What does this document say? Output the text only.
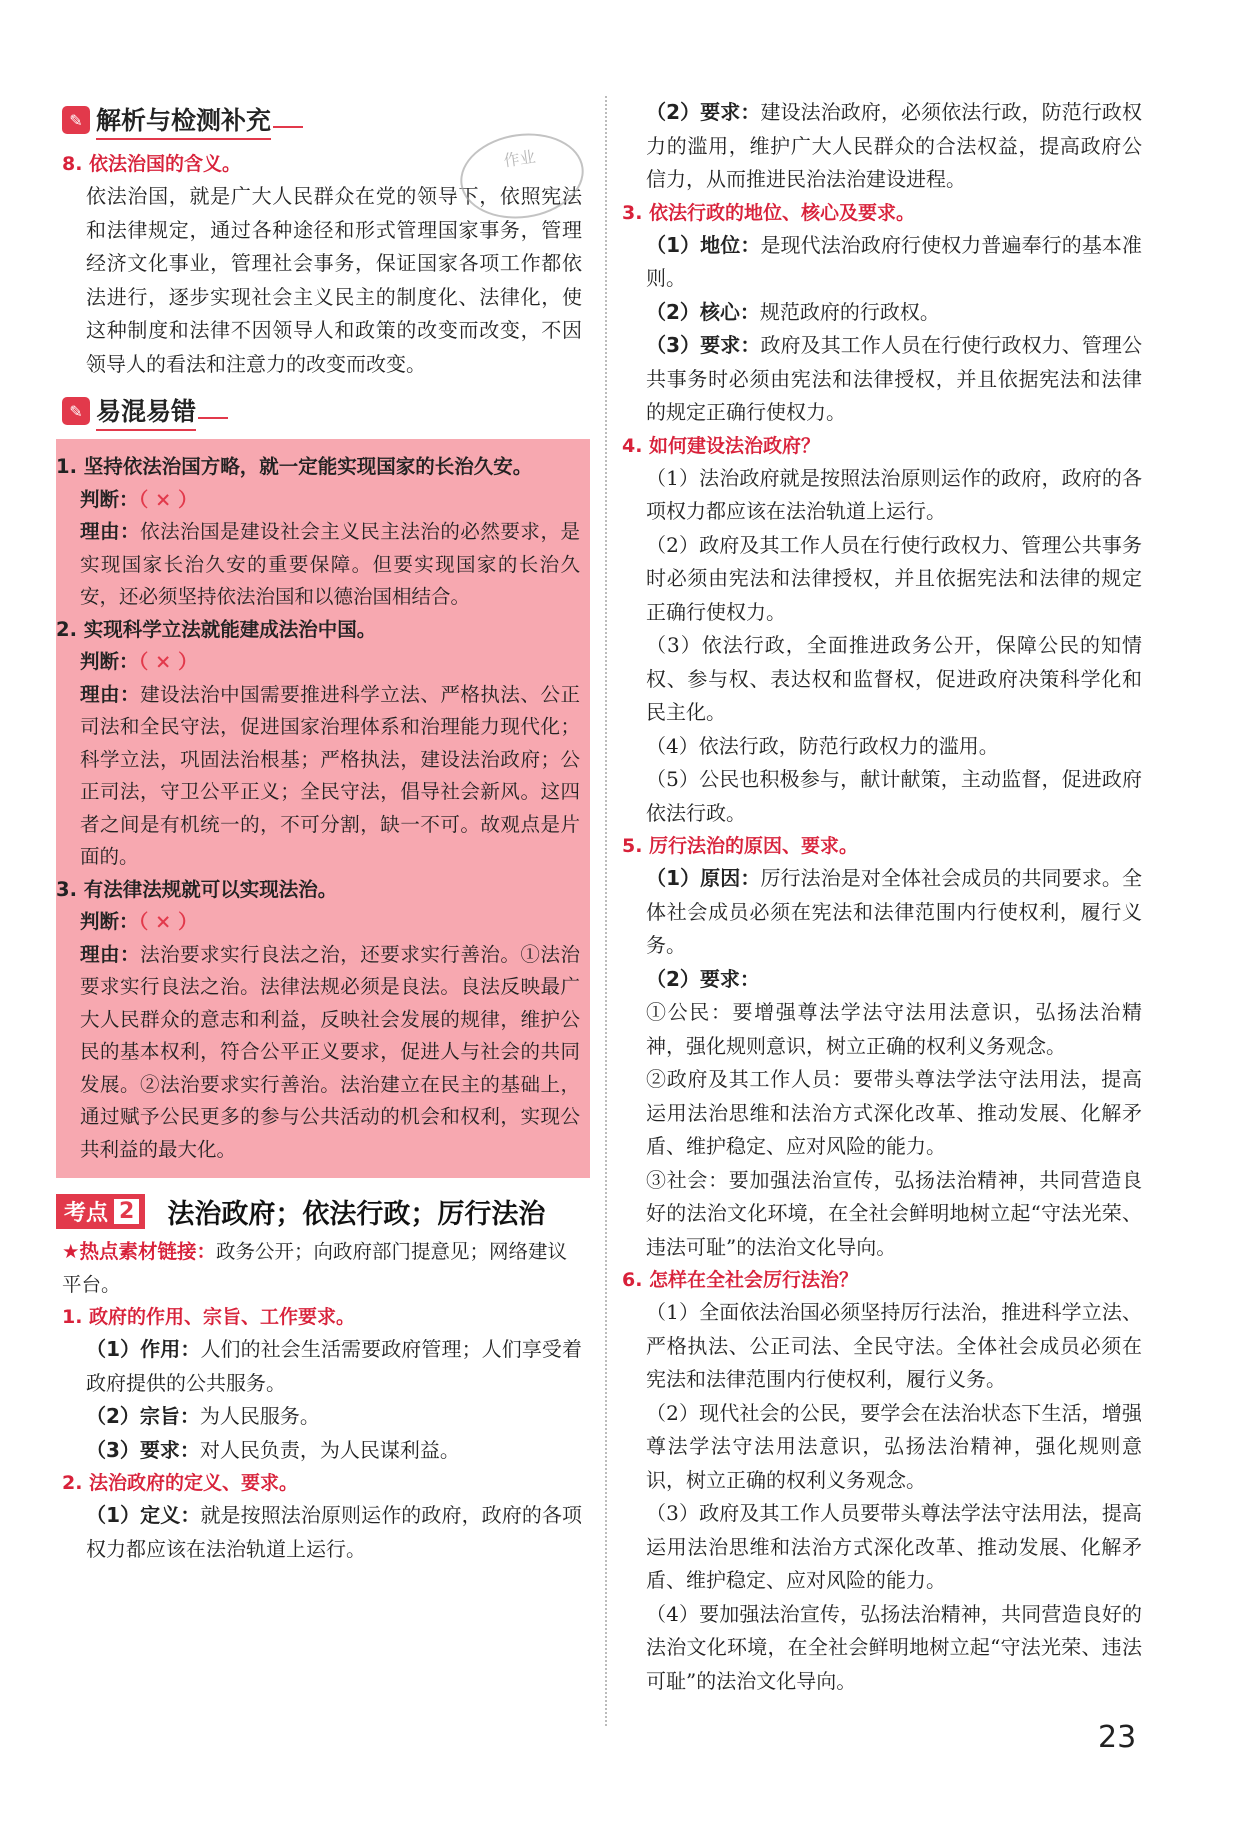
✎ 解析与检测补充
8. 依法治国的含义。
依法治国，就是广大人民群众在党的领导下，依照宪法和法律规定，通过各种途径和形式管理国家事务，管理经济文化事业，管理社会事务，保证国家各项工作都依法进行，逐步实现社会主义民主的制度化、法律化，使这种制度和法律不因领导人和政策的改变而改变，不因领导人的看法和注意力的改变而改变。
✎ 易混易错
1. 坚持依法治国方略，就一定能实现国家的长治久安。
判断：（ × ）
理由：依法治国是建设社会主义民主法治的必然要求，是实现国家长治久安的重要保障。但要实现国家的长治久安，还必须坚持依法治国和以德治国相结合。
2. 实现科学立法就能建成法治中国。
判断：（ × ）
理由：建设法治中国需要推进科学立法、严格执法、公正司法和全民守法，促进国家治理体系和治理能力现代化；科学立法，巩固法治根基；严格执法，建设法治政府；公正司法，守卫公平正义；全民守法，倡导社会新风。这四者之间是有机统一的，不可分割，缺一不可。故观点是片面的。
3. 有法律法规就可以实现法治。
判断：（ × ）
理由：法治要求实行良法之治，还要求实行善治。①法治要求实行良法之治。法律法规必须是良法。良法反映最广大人民群众的意志和利益，反映社会发展的规律，维护公民的基本权利，符合公平正义要求，促进人与社会的共同发展。②法治要求实行善治。法治建立在民主的基础上，通过赋予公民更多的参与公共活动的机会和权利，实现公共利益的最大化。
考点 2 法治政府；依法行政；厉行法治
★热点素材链接：政务公开；向政府部门提意见；网络建议平台。
1. 政府的作用、宗旨、工作要求。
（1）作用：人们的社会生活需要政府管理；人们享受着政府提供的公共服务。
（2）宗旨：为人民服务。
（3）要求：对人民负责，为人民谋利益。
2. 法治政府的定义、要求。
（1）定义：就是按照法治原则运作的政府，政府的各项权力都应该在法治轨道上运行。
作业
（2）要求：建设法治政府，必须依法行政，防范行政权力的滥用，维护广大人民群众的合法权益，提高政府公信力，从而推进民治法治建设进程。
3. 依法行政的地位、核心及要求。
（1）地位：是现代法治政府行使权力普遍奉行的基本准则。
（2）核心：规范政府的行政权。
（3）要求：政府及其工作人员在行使行政权力、管理公共事务时必须由宪法和法律授权，并且依据宪法和法律的规定正确行使权力。
4. 如何建设法治政府？
（1）法治政府就是按照法治原则运作的政府，政府的各项权力都应该在法治轨道上运行。
（2）政府及其工作人员在行使行政权力、管理公共事务时必须由宪法和法律授权，并且依据宪法和法律的规定正确行使权力。
（3）依法行政，全面推进政务公开，保障公民的知情权、参与权、表达权和监督权，促进政府决策科学化和民主化。
（4）依法行政，防范行政权力的滥用。
（5）公民也积极参与，献计献策，主动监督，促进政府依法行政。
5. 厉行法治的原因、要求。
（1）原因：厉行法治是对全体社会成员的共同要求。全体社会成员必须在宪法和法律范围内行使权利，履行义务。
（2）要求：
①公民：要增强尊法学法守法用法意识，弘扬法治精神，强化规则意识，树立正确的权利义务观念。
②政府及其工作人员：要带头尊法学法守法用法，提高运用法治思维和法治方式深化改革、推动发展、化解矛盾、维护稳定、应对风险的能力。
③社会：要加强法治宣传，弘扬法治精神，共同营造良好的法治文化环境，在全社会鲜明地树立起“守法光荣、违法可耻”的法治文化导向。
6. 怎样在全社会厉行法治？
（1）全面依法治国必须坚持厉行法治，推进科学立法、严格执法、公正司法、全民守法。全体社会成员必须在宪法和法律范围内行使权利，履行义务。
（2）现代社会的公民，要学会在法治状态下生活，增强尊法学法守法用法意识，弘扬法治精神，强化规则意识，树立正确的权利义务观念。
（3）政府及其工作人员要带头尊法学法守法用法，提高运用法治思维和法治方式深化改革、推动发展、化解矛盾、维护稳定、应对风险的能力。
（4）要加强法治宣传，弘扬法治精神，共同营造良好的法治文化环境，在全社会鲜明地树立起“守法光荣、违法可耻”的法治文化导向。
23
